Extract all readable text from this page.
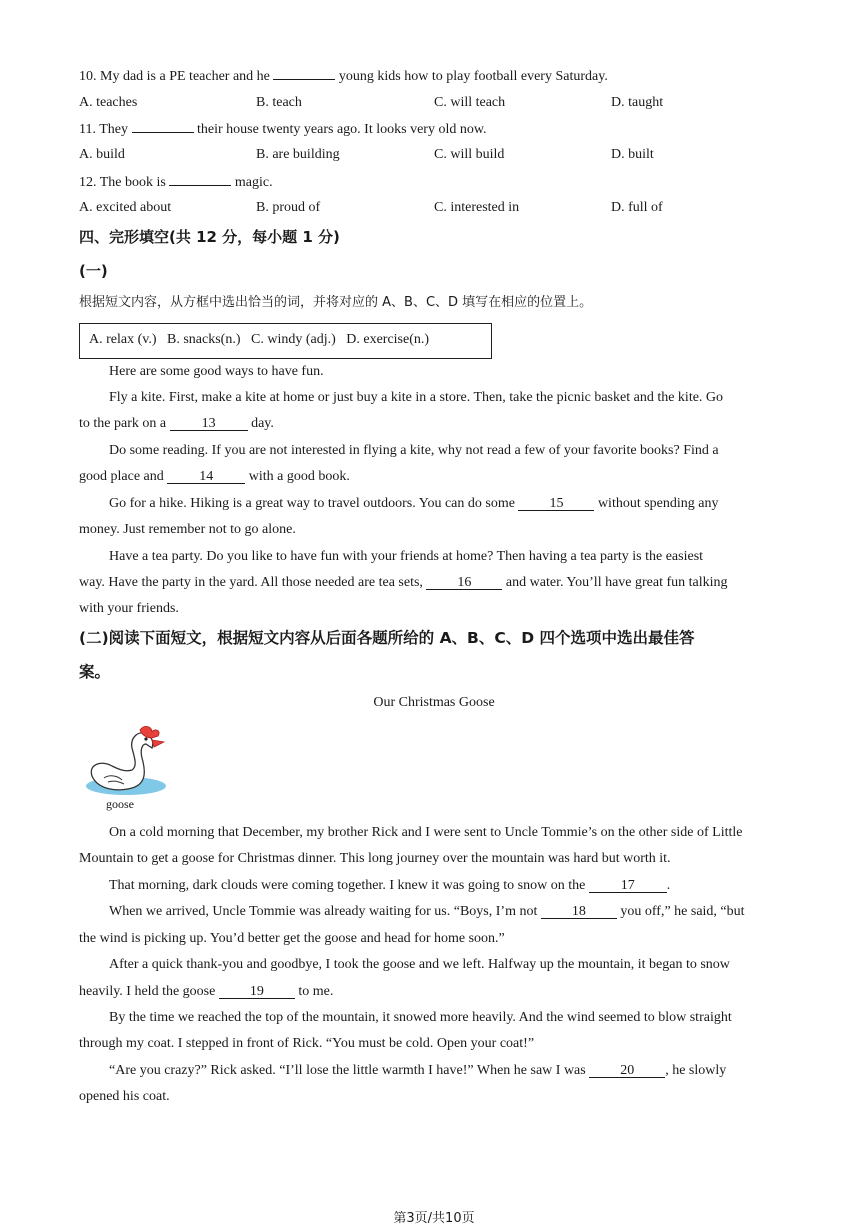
10. My dad is a PE teacher and he	young kids how to play football every Saturday.
A. teaches	B. teach	C. will teach	D. taught
11. They	their house twenty years ago. It looks very old now.
A. build	B. are building	C. will build	D. built
12. The book is	magic.
A. excited about	B. proud of	C. interested in	D. full of
四、完形填空(共 12 分，每小题 1 分)
(一)
根据短文内容，从方框中选出恰当的词，并将对应的 A、B、C、D 填写在相应的位置上。
A. relax (v.)   B. snacks(n.)   C. windy (adj.)   D. exercise(n.)
Here are some good ways to have fun.
Fly a kite. First, make a kite at home or just buy a kite in a store. Then, take the picnic basket and the kite. Go
to the park on a 13 day.
Do some reading. If you are not interested in flying a kite, why not read a few of your favorite books? Find a
good place and 14 with a good book.
Go for a hike. Hiking is a great way to travel outdoors. You can do some 15 without spending any
money. Just remember not to go alone.
Have a tea party. Do you like to have fun with your friends at home? Then having a tea party is the easiest
way. Have the party in the yard. All those needed are tea sets, 16 and water. You’ll have great fun talking
with your friends.
(二)阅读下面短文，根据短文内容从后面各题所给的 A、B、C、D 四个选项中选出最佳答
案。
Our Christmas Goose
goose
On a cold morning that December, my brother Rick and I were sent to Uncle Tommie’s on the other side of Little
Mountain to get a goose for Christmas dinner. This long journey over the mountain was hard but worth it.
That morning, dark clouds were coming together. I knew it was going to snow on the 17 .
When we arrived, Uncle Tommie was already waiting for us. “Boys, I’m not 18 you off,” he said, “but
the wind is picking up. You’d better get the goose and head for home soon.”
After a quick thank-you and goodbye, I took the goose and we left. Halfway up the mountain, it began to snow
heavily. I held the goose 19 to me.
By the time we reached the top of the mountain, it snowed more heavily. And the wind seemed to blow straight
through my coat. I stepped in front of Rick. “You must be cold. Open your coat!”
“Are you crazy?” Rick asked. “I’ll lose the little warmth I have!” When he saw I was 20 , he slowly
opened his coat.
第3页/共10页
